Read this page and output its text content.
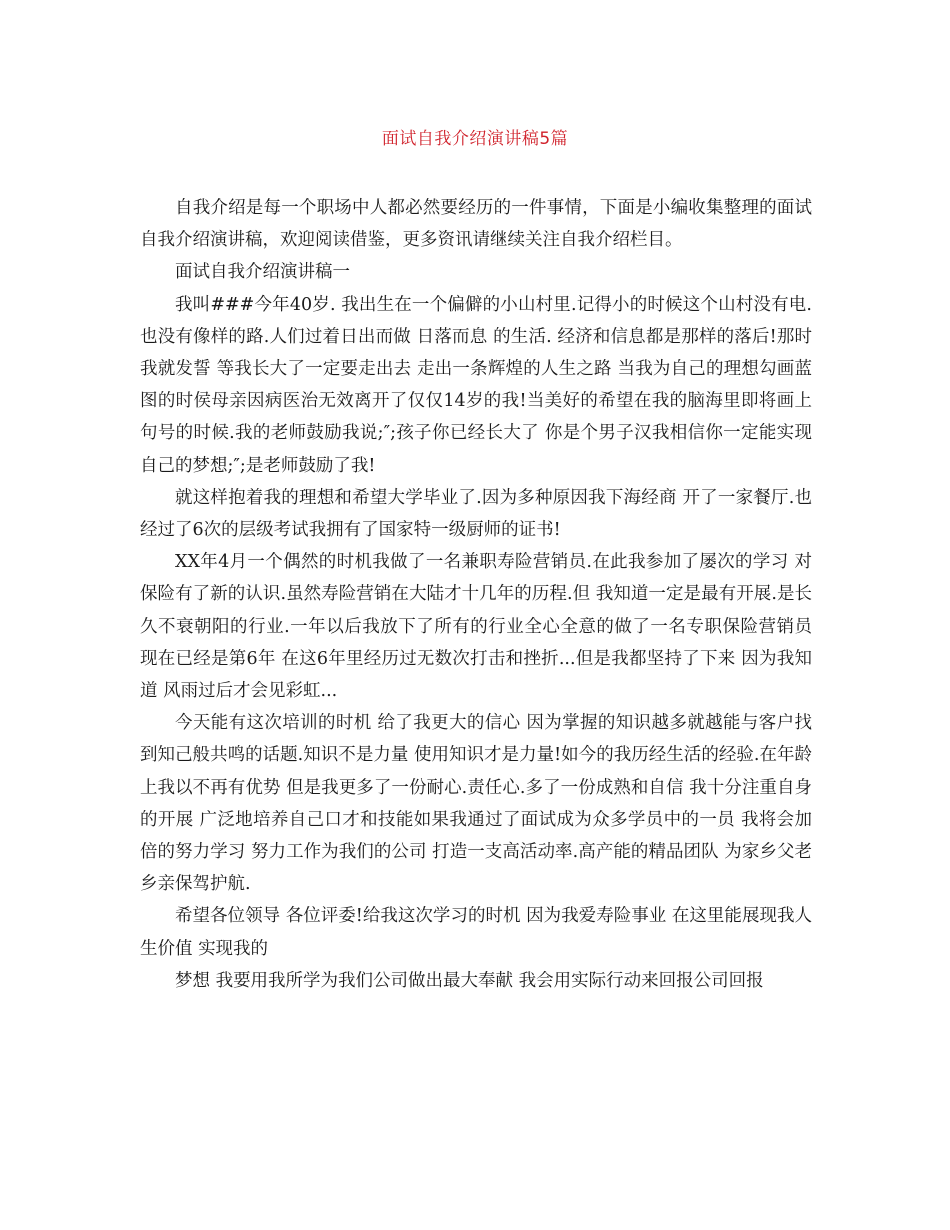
面试自我介绍演讲稿5篇

自我介绍是每一个职场中人都必然要经历的一件事情，下面是小编收集整理的面试自我介绍演讲稿，欢迎阅读借鉴，更多资讯请继续关注自我介绍栏目。

面试自我介绍演讲稿一

我叫###今年40岁. 我出生在一个偏僻的小山村里.记得小的时候这个山村没有电. 也没有像样的路.人们过着日出而做 日落而息 的生活. 经济和信息都是那样的落后!那时我就发誓 等我长大了一定要走出去 走出一条辉煌的人生之路 当我为自己的理想勾画蓝图的时侯母亲因病医治无效离开了仅仅14岁的我!当美好的希望在我的脑海里即将画上句号的时候.我的老师鼓励我说;″;孩子你已经长大了 你是个男子汉我相信你一定能实现自己的梦想;″;是老师鼓励了我!

就这样抱着我的理想和希望大学毕业了.因为多种原因我下海经商 开了一家餐厅.也经过了6次的层级考试我拥有了国家特一级厨师的证书!

XX年4月一个偶然的时机我做了一名兼职寿险营销员.在此我参加了屡次的学习 对保险有了新的认识.虽然寿险营销在大陆才十几年的历程.但 我知道一定是最有开展.是长久不衰朝阳的行业.一年以后我放下了所有的行业全心全意的做了一名专职保险营销员 现在已经是第6年 在这6年里经历过无数次打击和挫折...但是我都坚持了下来 因为我知道 风雨过后才会见彩虹...

今天能有这次培训的时机 给了我更大的信心 因为掌握的知识越多就越能与客户找到知己般共鸣的话题.知识不是力量 使用知识才是力量!如今的我历经生活的经验.在年龄上我以不再有优势 但是我更多了一份耐心.责任心.多了一份成熟和自信 我十分注重自身的开展 广泛地培养自己口才和技能如果我通过了面试成为众多学员中的一员 我将会加倍的努力学习 努力工作为我们的公司 打造一支高活动率.高产能的精品团队 为家乡父老乡亲保驾护航.

希望各位领导 各位评委!给我这次学习的时机 因为我爱寿险事业 在这里能展现我人生价值 实现我的

梦想 我要用我所学为我们公司做出最大奉献 我会用实际行动来回报公司回报
